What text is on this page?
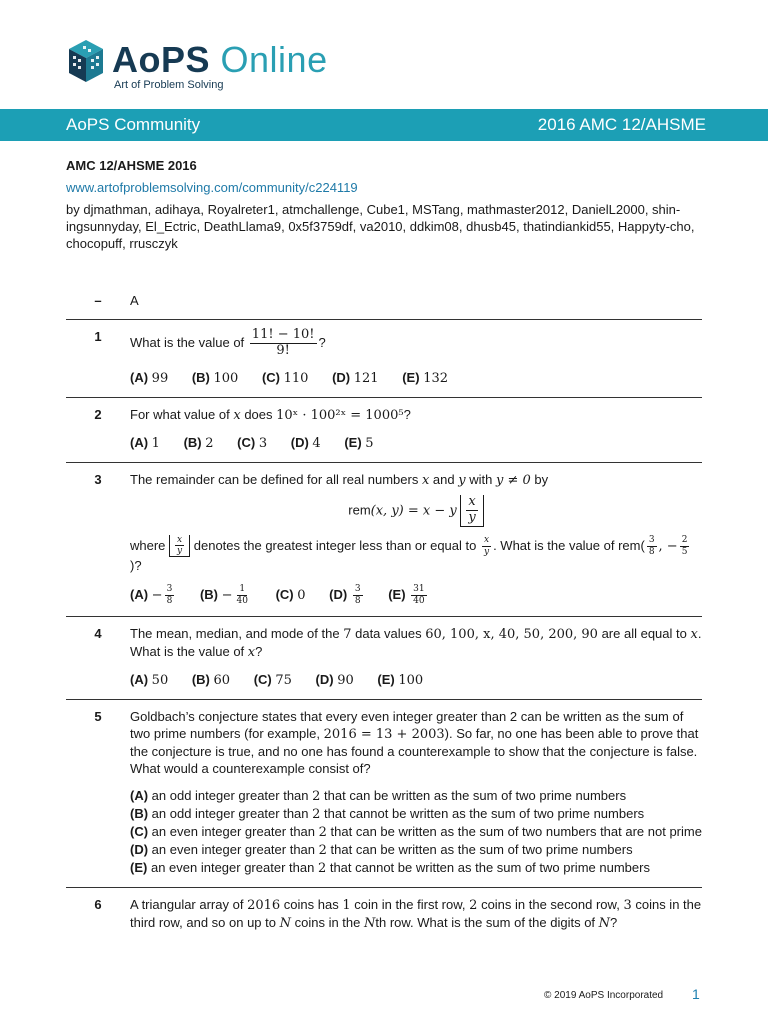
AoPS Online
Art of Problem Solving
AoPS Community	2016 AMC 12/AHSME
AMC 12/AHSME 2016
www.artofproblemsolving.com/community/c224119
by djmathman, adihaya, Royalreter1, atmchallenge, Cube1, MSTang, mathmaster2012, DanielL2000, shin-ingsunnyday, El_Ectric, DeathLlama9, 0x5f3759df, va2010, ddkim08, dhusb45, thatindiankid55, Happyty-cho, chocopuff, rrusczyk
–	A
1	What is the value of $\frac{11! - 10!}{9!}$ ?
(A) 99 (B) 100 (C) 110 (D) 121 (E) 132
2	For what value of x does 10ˣ · 100²ˣ = 1000⁵?
(A) 1 (B) 2 (C) 3 (D) 4 (E) 5
3	The remainder can be defined for all real numbers x and y with y ≠ 0 by
rem(x, y) = x − y $\frac{x}{y}$
where $\frac{x}{y}$ denotes the greatest integer less than or equal to $\frac{x}{y}$ . What is the value of $rem( \frac{3}{8}$ , − $\frac{2}{5}$
)?
$(A) - \frac{3}{8} (B) - \frac{1}{40} (C)$ 0 $(D) \frac{3}{8} (E) \frac{31}{40}$
4	The mean, median, and mode of the 7 data values 60, 100, x, 40, 50, 200, 90 are all equal to x. What is the value of x?
(A) 50 (B) 60 (C) 75 (D) 90 (E) 100
5	Goldbach’s conjecture states that every even integer greater than 2 can be written as the sum of two prime numbers (for example, 2016 = 13 + 2003). So far, no one has been able to prove that the conjecture is true, and no one has found a counterexample to show that the conjecture is false. What would a counterexample consist of?
(A) an odd integer greater than 2 that can be written as the sum of two prime numbers
(B) an odd integer greater than 2 that cannot be written as the sum of two prime numbers
(C) an even integer greater than 2 that can be written as the sum of two numbers that are not prime
(D) an even integer greater than 2 that can be written as the sum of two prime numbers
(E) an even integer greater than 2 that cannot be written as the sum of two prime numbers
6	A triangular array of 2016 coins has 1 coin in the first row, 2 coins in the second row, 3 coins in the third row, and so on up to N coins in the Nth row. What is the sum of the digits of N?
© 2019 AoPS Incorporated 1
